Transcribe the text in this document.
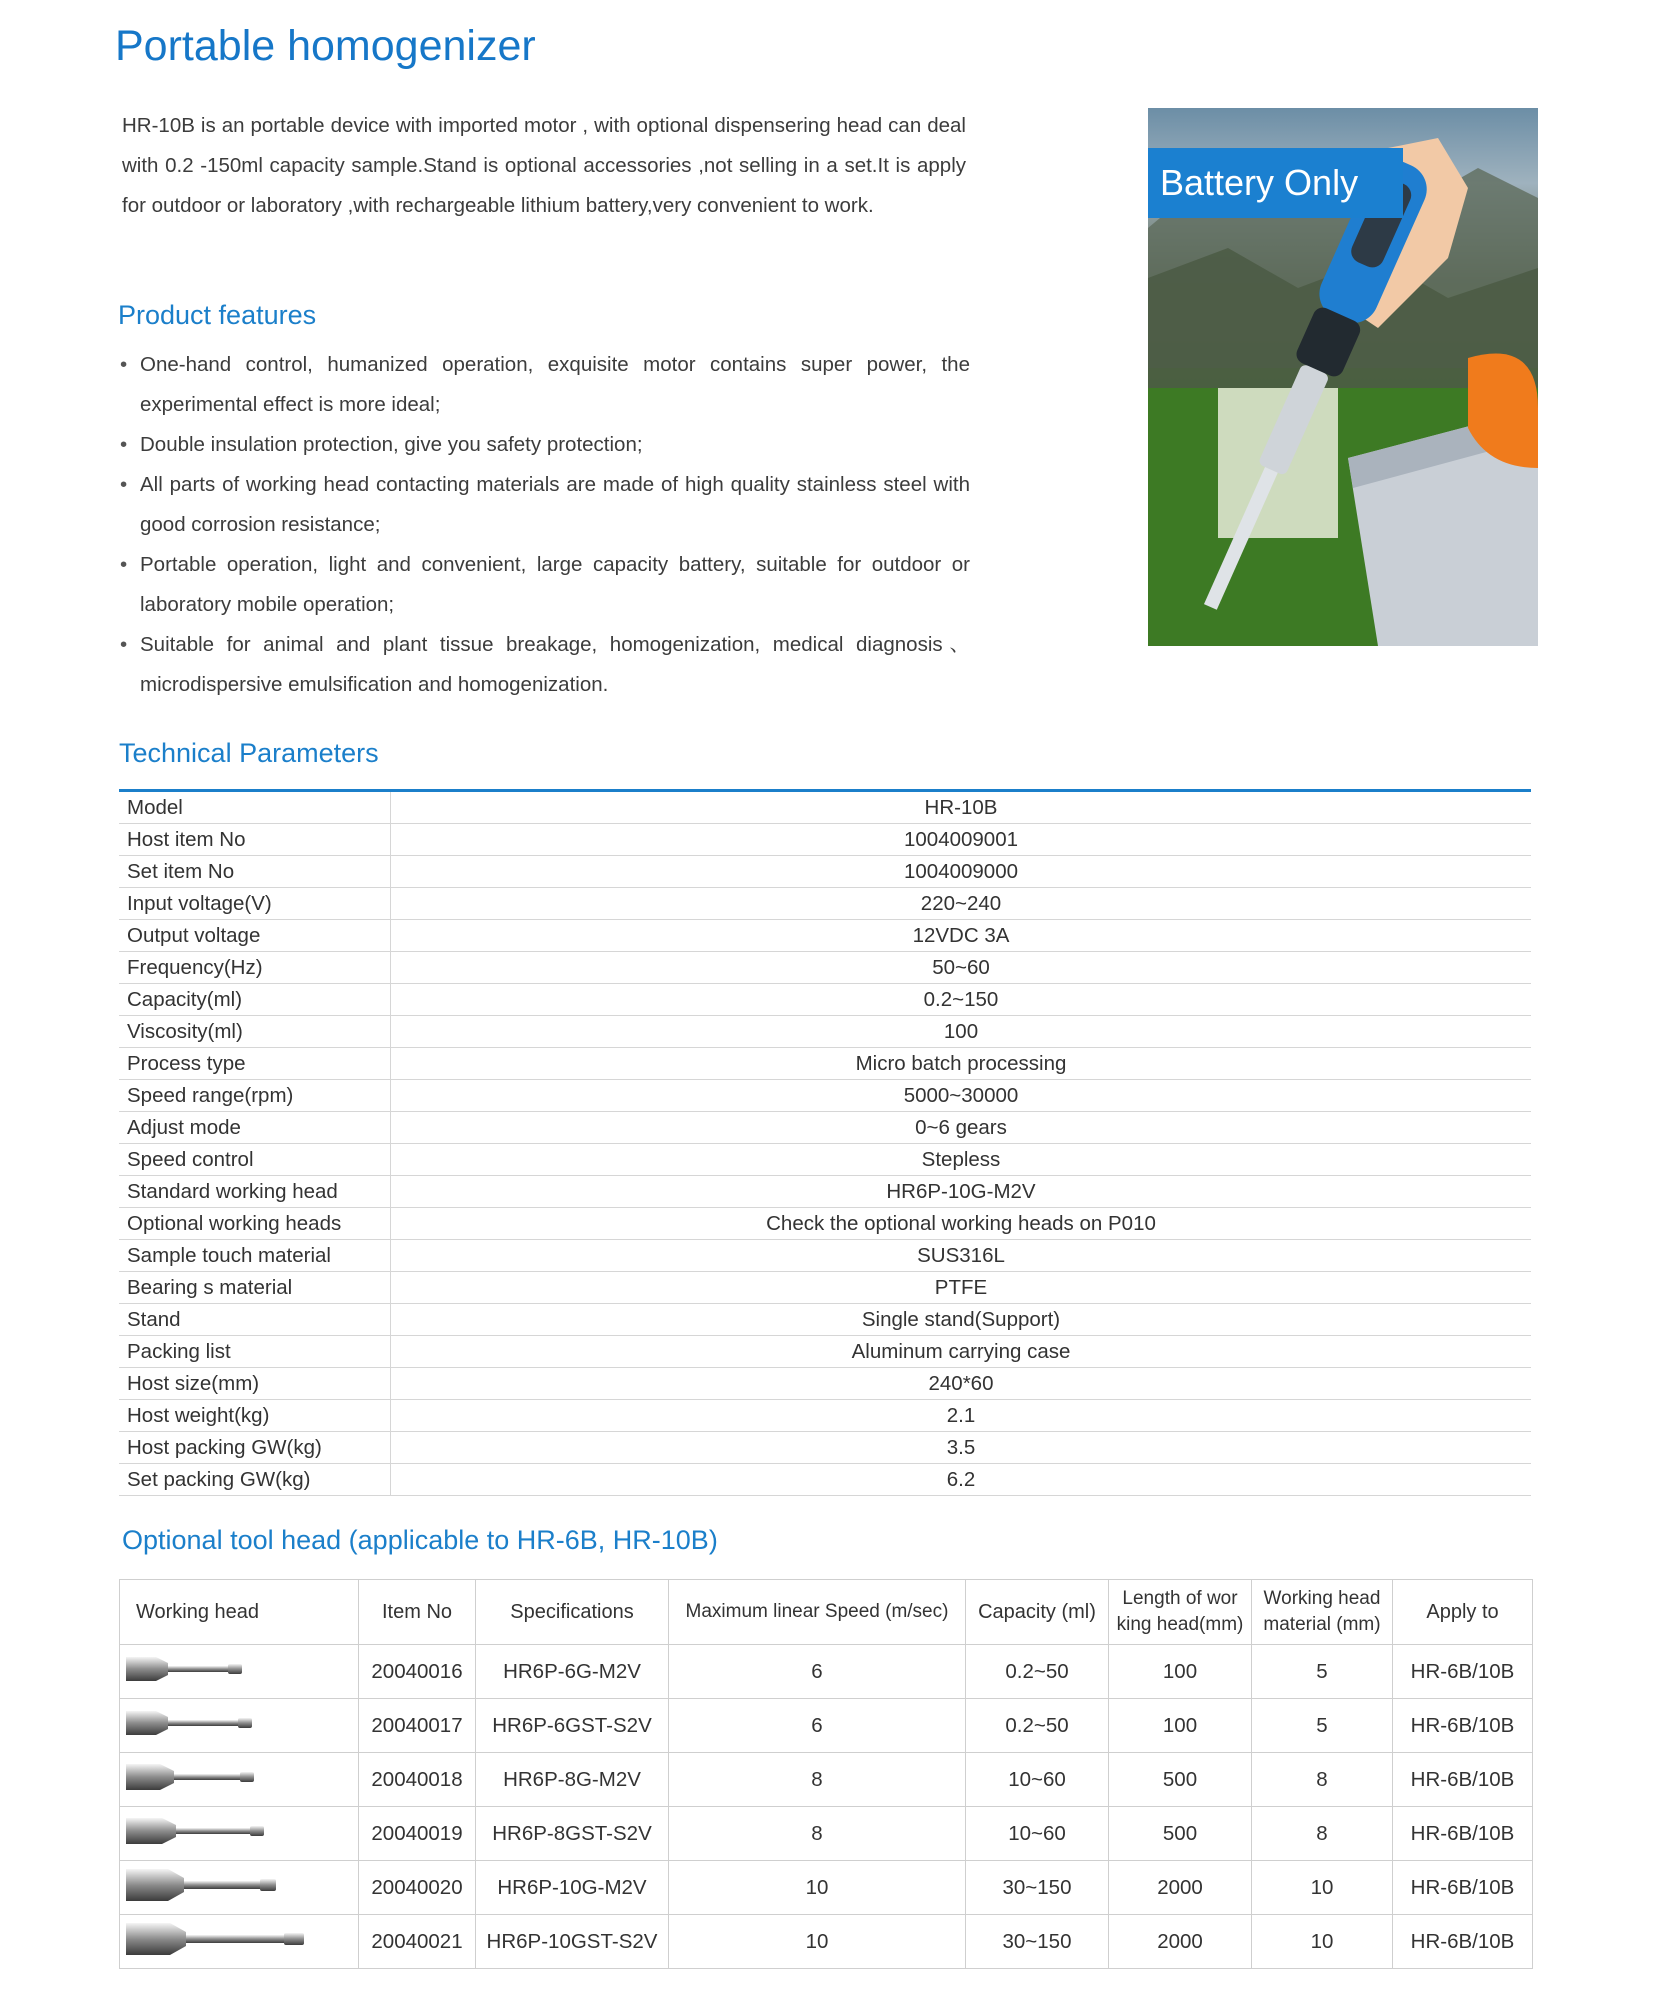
Portable homogenizer

HR-10B is an portable device with imported motor , with optional dispensering head can deal with 0.2 -150ml capacity sample.Stand is optional accessories ,not selling in a set.It is apply for outdoor or laboratory ,with rechargeable lithium battery,very convenient to work.

Battery Only
Product features
• One-hand control, humanized operation, exquisite motor contains super power, the experimental effect is more ideal;
• Double insulation protection, give you safety protection;
• All parts of working head contacting materials are made of high quality stainless steel with good corrosion resistance;
• Portable operation, light and convenient, large capacity battery, suitable for outdoor or laboratory mobile operation;
• Suitable for animal and plant tissue breakage, homogenization, medical diagnosis、microdispersive emulsification and homogenization.
Technical Parameters
Model	HR-10B
Host item No	1004009001
Set item No	1004009000
Input voltage(V)	220~240
Output voltage	12VDC 3A
Frequency(Hz)	50~60
Capacity(ml)	0.2~150
Viscosity(ml)	100
Process type	Micro batch processing
Speed range(rpm)	5000~30000
Adjust mode	0~6 gears
Speed control	Stepless
Standard working head	HR6P-10G-M2V
Optional working heads	Check the optional working heads on P010
Sample touch material	SUS316L
Bearing s material	PTFE
Stand	Single stand(Support)
Packing list	Aluminum carrying case
Host size(mm)	240*60
Host weight(kg)	2.1
Host packing GW(kg)	3.5
Set packing GW(kg)	6.2
Optional tool head (applicable to HR-6B, HR-10B)
Working head	Item No	Specifications	Maximum linear Speed (m/sec)	Capacity (ml)	Length of wor king head(mm)	Working head material (mm)	Apply to
	20040016	HR6P-6G-M2V	6	0.2~50	100	5	HR-6B/10B
	20040017	HR6P-6GST-S2V	6	0.2~50	100	5	HR-6B/10B
	20040018	HR6P-8G-M2V	8	10~60	500	8	HR-6B/10B
	20040019	HR6P-8GST-S2V	8	10~60	500	8	HR-6B/10B
	20040020	HR6P-10G-M2V	10	30~150	2000	10	HR-6B/10B
	20040021	HR6P-10GST-S2V	10	30~150	2000	10	HR-6B/10B
